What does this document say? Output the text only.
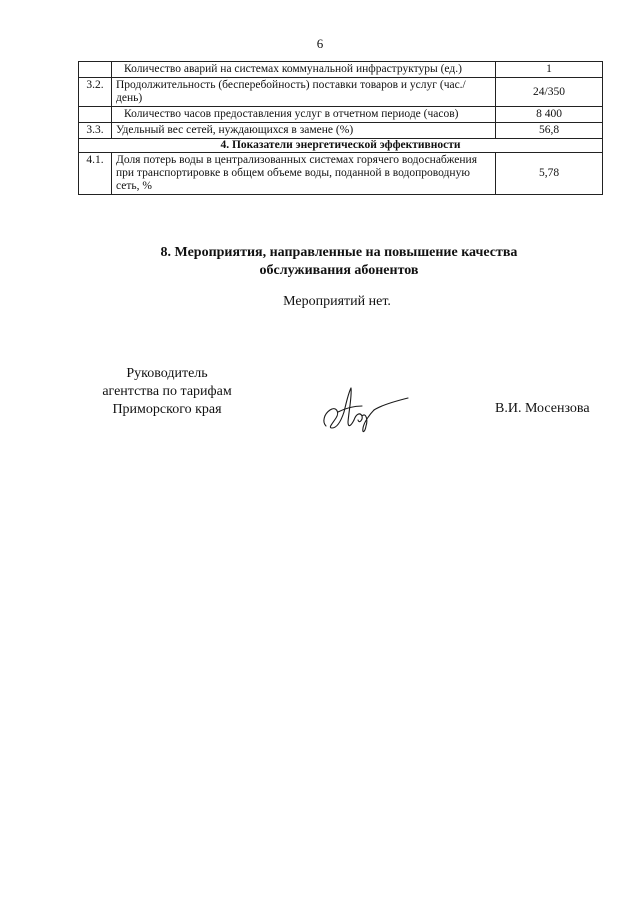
6
	Количество аварий на системах коммунальной инфраструктуры (ед.)	1
3.2.	Продолжительность (бесперебойность) поставки товаров и услуг (час./день)	24/350
	Количество часов предоставления услуг в отчетном периоде (часов)	8 400
3.3.	Удельный вес сетей, нуждающихся в замене (%)	56,8
4. Показатели энергетической эффективности		
4.1.	Доля потерь воды в централизованных системах горячего водоснабжения при транспортировке в общем объеме воды, поданной в водопроводную сеть, %	5,78
8. Мероприятия, направленные на повышение качества
обслуживания абонентов
Мероприятий нет.
Руководитель
агентства по тарифам
Приморского края	В.И. Мосензова
